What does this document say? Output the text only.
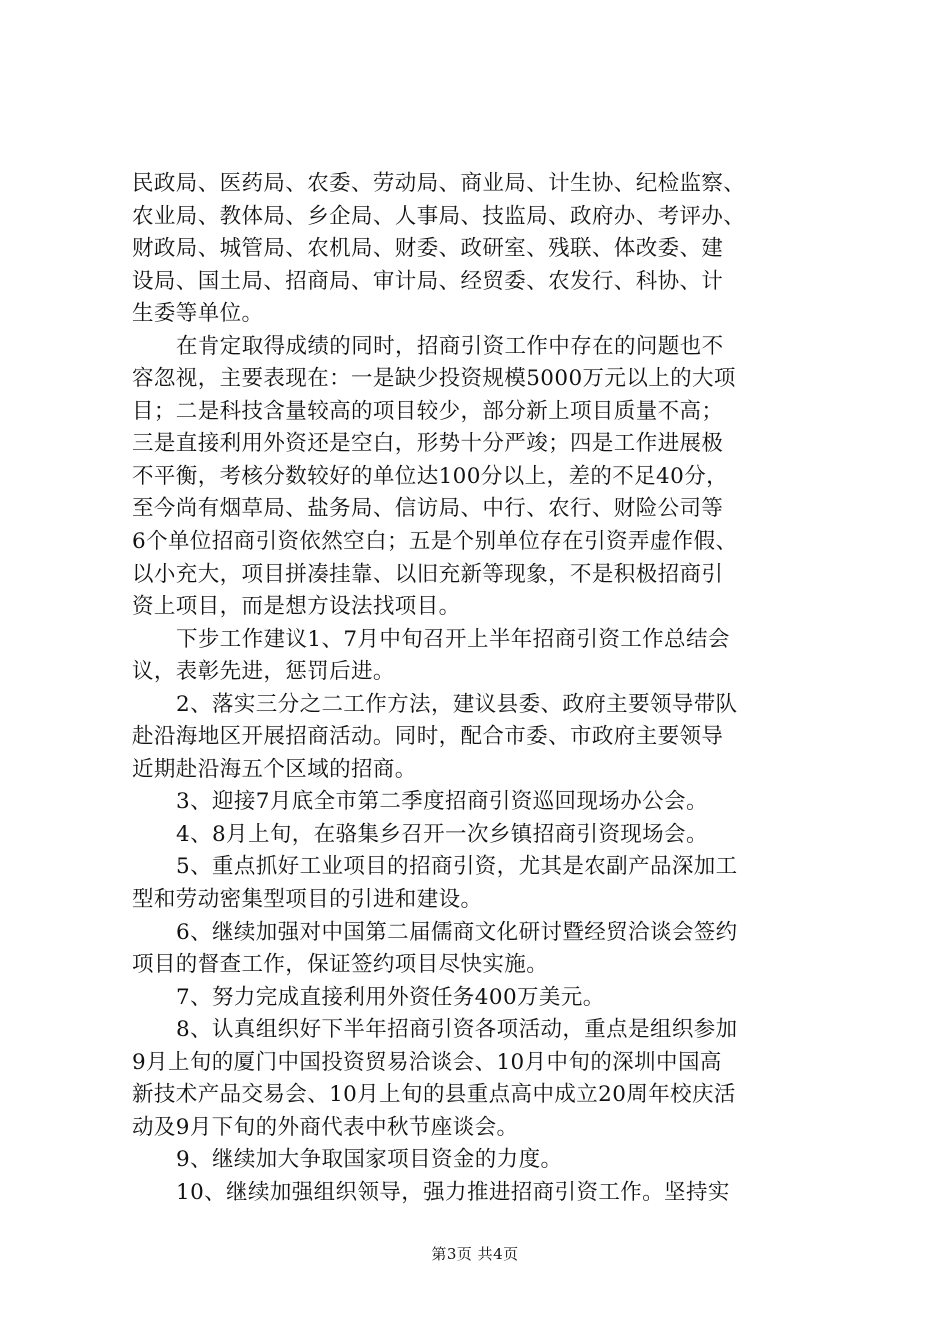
民政局、医药局、农委、劳动局、商业局、计生协、纪检监察、
农业局、教体局、乡企局、人事局、技监局、政府办、考评办、
财政局、城管局、农机局、财委、政研室、残联、体改委、建
设局、国土局、招商局、审计局、经贸委、农发行、科协、计
生委等单位。
在肯定取得成绩的同时，招商引资工作中存在的问题也不
容忽视，主要表现在：一是缺少投资规模5000万元以上的大项
目；二是科技含量较高的项目较少，部分新上项目质量不高；
三是直接利用外资还是空白，形势十分严竣；四是工作进展极
不平衡，考核分数较好的单位达100分以上，差的不足40分，
至今尚有烟草局、盐务局、信访局、中行、农行、财险公司等
6个单位招商引资依然空白；五是个别单位存在引资弄虚作假、
以小充大，项目拼凑挂靠、以旧充新等现象，不是积极招商引
资上项目，而是想方设法找项目。
下步工作建议1、7月中旬召开上半年招商引资工作总结会
议，表彰先进，惩罚后进。
2、落实三分之二工作方法，建议县委、政府主要领导带队
赴沿海地区开展招商活动。同时，配合市委、市政府主要领导
近期赴沿海五个区域的招商。
3、迎接7月底全市第二季度招商引资巡回现场办公会。
4、8月上旬，在骆集乡召开一次乡镇招商引资现场会。
5、重点抓好工业项目的招商引资，尤其是农副产品深加工
型和劳动密集型项目的引进和建设。
6、继续加强对中国第二届儒商文化研讨暨经贸洽谈会签约
项目的督查工作，保证签约项目尽快实施。
7、努力完成直接利用外资任务400万美元。
8、认真组织好下半年招商引资各项活动，重点是组织参加
9月上旬的厦门中国投资贸易洽谈会、10月中旬的深圳中国高
新技术产品交易会、10月上旬的县重点高中成立20周年校庆活
动及9月下旬的外商代表中秋节座谈会。
9、继续加大争取国家项目资金的力度。
10、继续加强组织领导，强力推进招商引资工作。坚持实
第3页 共4页
